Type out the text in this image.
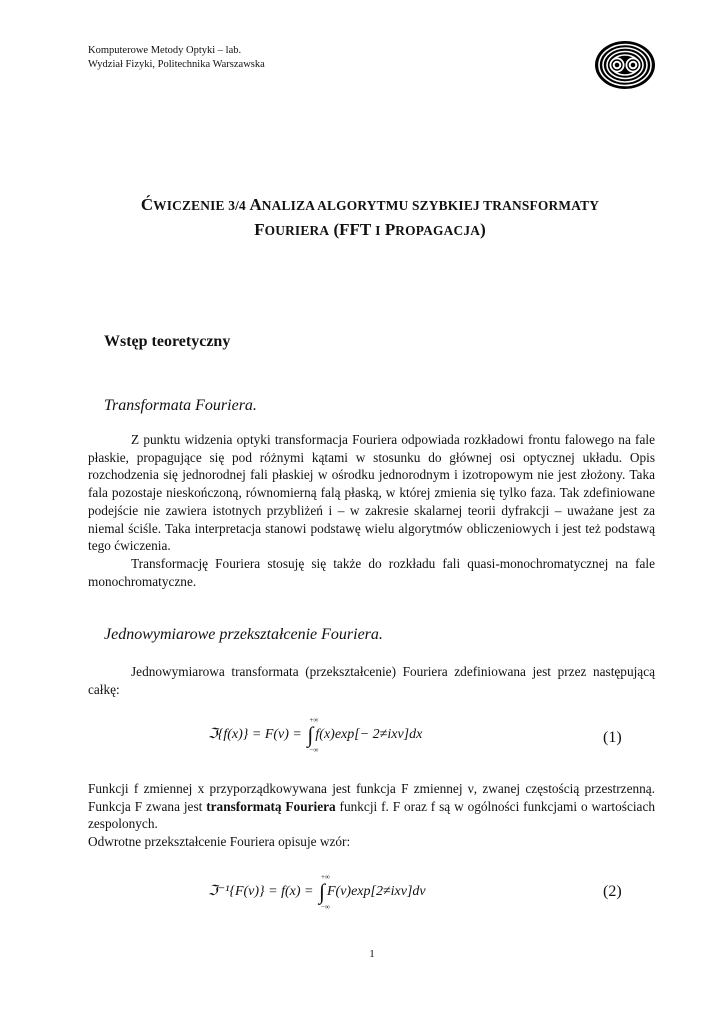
Komputerowe Metody Optyki – lab.
Wydział Fizyki, Politechnika Warszawska
ĆWICZENIE 3/4 ANALIZA ALGORYTMU SZYBKIEJ TRANSFORMATY
FOURIERA (FFT I PROPAGACJA)
Wstęp teoretyczny
Transformata Fouriera.

Z punktu widzenia optyki transformacja Fouriera odpowiada rozkładowi frontu falowego na fale płaskie, propagujące się pod różnymi kątami w stosunku do głównej osi optycznej układu. Opis rozchodzenia się jednorodnej fali płaskiej w ośrodku jednorodnym i izotropowym nie jest złożony. Taka fala pozostaje nieskończoną, równomierną falą płaską, w której zmienia się tylko faza. Tak zdefiniowane podejście nie zawiera istotnych przybliżeń i – w zakresie skalarnej teorii dyfrakcji – uważane jest za niemal ściśle. Taka interpretacja stanowi podstawę wielu algorytmów obliczeniowych i jest też podstawą tego ćwiczenia.

Transformację Fouriera stosuję się także do rozkładu fali quasi-monochromatycznej na fale monochromatyczne.

Jednowymiarowe przekształcenie Fouriera.

Jednowymiarowa transformata (przekształcenie) Fouriera zdefiniowana jest przez następującą całkę:

ℑ{f(x)} = F(ν) = ∫
+∞
−∞
f(x)exp[− 2≠ixν]dx	(1)

Funkcji f zmiennej x przyporządkowywana jest funkcja F zmiennej ν, zwanej częstością przestrzenną. Funkcja F zwana jest transformatą Fouriera funkcji f. F oraz f są w ogólności funkcjami o wartościach zespolonych.

Odwrotne przekształcenie Fouriera opisuje wzór:

ℑ⁻¹{F(ν)} = f(x) = ∫
+∞
−∞
F(ν)exp[2≠ixν]dν	(2)
1
